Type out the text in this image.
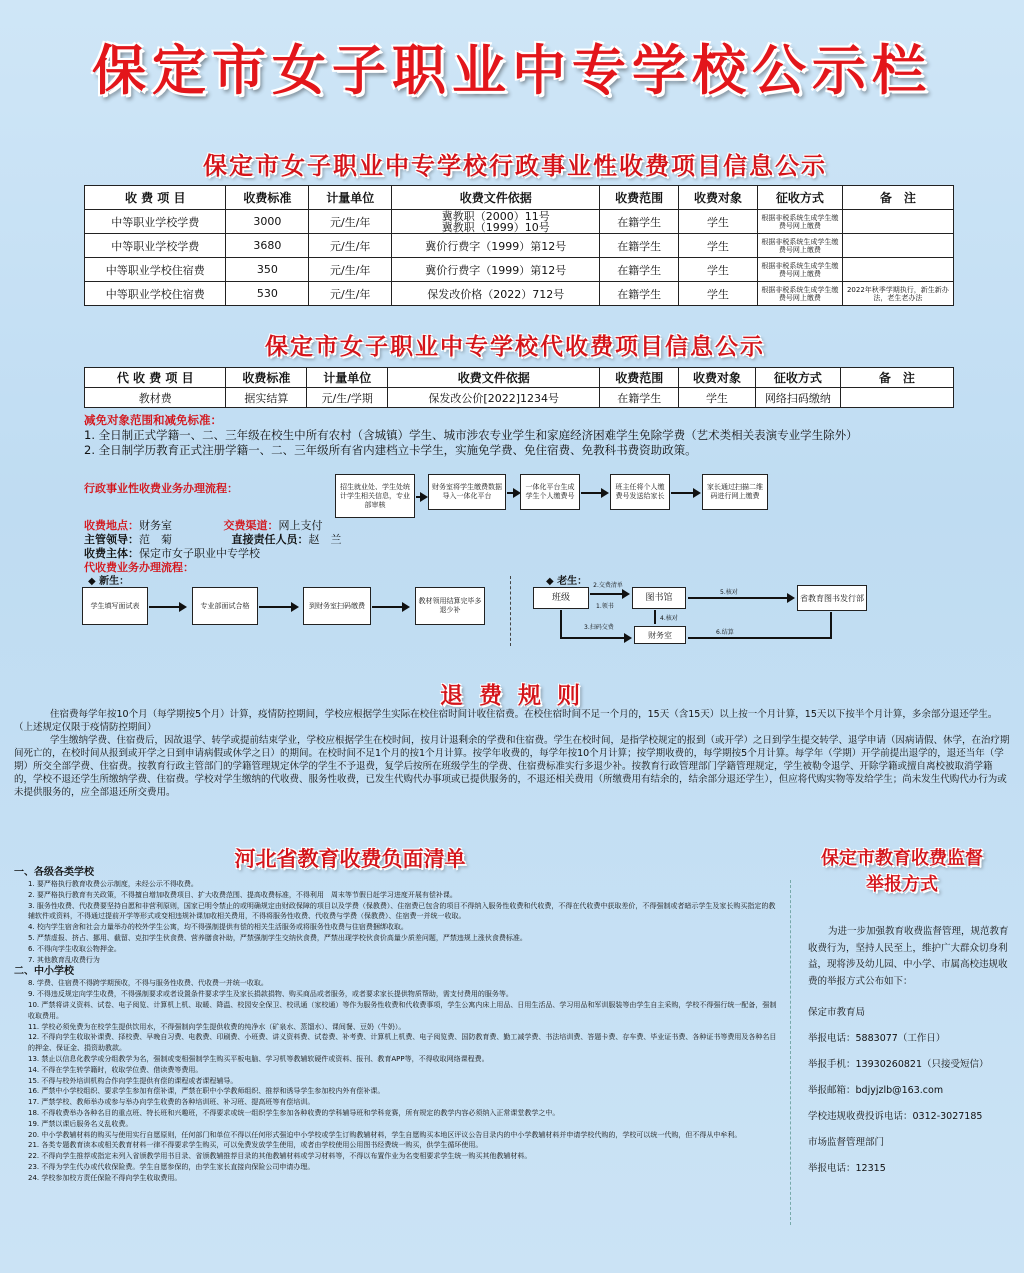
保定市女子职业中专学校公示栏
保定市女子职业中专学校行政事业性收费项目信息公示
收 费 项 目	收费标准	计量单位	收费文件依据	收费范围	收费对象	征收方式	备　注
中等职业学校学费	3000	元/生/年	冀教职（2000）11号
冀教职（1999）10号	在籍学生	学生	根据非税系统生成学生缴费号网上缴费	
中等职业学校学费	3680	元/生/年	冀价行费字（1999）第12号	在籍学生	学生	根据非税系统生成学生缴费号网上缴费	
中等职业学校住宿费	350	元/生/年	冀价行费字（1999）第12号	在籍学生	学生	根据非税系统生成学生缴费号网上缴费	
中等职业学校住宿费	530	元/生/年	保发改价格（2022）712号	在籍学生	学生	根据非税系统生成学生缴费号网上缴费	2022年秋季学期执行，新生新办法，老生老办法
保定市女子职业中专学校代收费项目信息公示
代 收 费 项 目	收费标准	计量单位	收费文件依据	收费范围	收费对象	征收方式	备　注
教材费	据实结算	元/生/学期	保发改公价[2022]1234号	在籍学生	学生	网络扫码缴纳	
减免对象范围和减免标准：
1. 全日制正式学籍一、二、三年级在校生中所有农村（含城镇）学生、城市涉农专业学生和家庭经济困难学生免除学费（艺术类相关表演专业学生除外）
2. 全日制学历教育正式注册学籍一、二、三年级所有省内建档立卡学生，实施免学费、免住宿费、免教科书费资助政策。
行政事业性收费业务办理流程：	招生就业处、学生处统计学生相关信息，专业部审核
财务室将学生缴费数据导入一体化平台
一体化平台生成学生个人缴费号
班主任将个人缴费号发送给家长
家长通过扫描二维码进行网上缴费
收费地点：财务室	交费渠道：网上支付
主管领导：范　菊	直接责任人员：赵　兰
收费主体：保定市女子职业中专学校
代收费业务办理流程：
◆ 新生：
学生填写面试表	专业部面试合格	到财务室扫码缴费
教材领用结算完毕多退少补
◆ 老生：
班级	图书馆	省教育图书发行部
财务室
2.交费清单
1.领书
5.核对
3.扫码交费
4.核对
6.结算
退 费 规 则

住宿费每学年按10个月（每学期按5个月）计算，疫情防控期间，学校应根据学生实际在校住宿时间计收住宿费。在校住宿时间不足一个月的，15天（含15天）以上按一个月计算，15天以下按半个月计算，多余部分退还学生。（上述规定仅限于疫情防控期间）

学生缴纳学费、住宿费后，因故退学、转学或提前结束学业，学校应根据学生在校时间，按月计退剩余的学费和住宿费。学生在校时间，是指学校规定的报到（或开学）之日到学生提交转学、退学申请（因病请假、休学，在治疗期间死亡的，在校时间从报到或开学之日到申请病假或休学之日）的期间。在校时间不足1个月的按1个月计算。按学年收费的，每学年按10个月计算；按学期收费的，每学期按5个月计算。每学年（学期）开学前提出退学的，退还当年（学期）所交全部学费、住宿费。按教育行政主管部门的学籍管理规定休学的学生不予退费，复学后按所在班级学生的学费、住宿费标准实行多退少补。按教育行政管理部门学籍管理规定，学生被勒令退学、开除学籍或擅自离校被取消学籍的，学校不退还学生所缴纳学费、住宿费。学校对学生缴纳的代收费、服务性收费，已发生代购代办事项或已提供服务的，不退还相关费用（所缴费用有结余的，结余部分退还学生），但应将代购实物等发给学生；尚未发生代购代办行为或未提供服务的，应全部退还所交费用。

河北省教育收费负面清单

一、各级各类学校

1. 要严格执行教育收费公示制度，未经公示不得收费。

2. 要严格执行教育有关政策，不得擅自增加收费项目、扩大收费范围、提高收费标准，不得利用　周末等节假日赶学习进度开展有偿补课。

3. 服务性收费、代收费要坚持自愿和非营利原则，国家已明令禁止的或明确规定由财政保障的项目以及学费（保教费）、住宿费已包含的项目不得纳入服务性收费和代收费，不得在代收费中获取差价，不得强制或者暗示学生及家长购买指定的教辅软件或资料，不得通过提前开学等形式或变相违规补课加收相关费用，不得将服务性收费、代收费与学费（保教费）、住宿费一并统一收取。

4. 校内学生宿舍和社会力量举办的校外学生公寓，均不得强制提供有偿的相关生活服务或将服务性收费与住宿费捆绑收取。

5. 严禁虚报、挤占、挪用、截留、克扣学生伙食费、营养膳食补助，严禁强制学生交纳伙食费，严禁出现学校伙食价高量少质差问题，严禁违规上涨伙食费标准。

6. 不得向学生收取公物押金。

7. 其他教育乱收费行为

二、中小学校

8. 学费、住宿费不得跨学期预收，不得与服务性收费、代收费一并统一收取。

9. 不得违反规定向学生收费，不得强制要求或者设置条件要求学生及家长捐款捐物、购买商品或者服务，或者要求家长提供物质帮助，需支付费用的服务等。

10. 严禁将讲义资料、试卷、电子阅览、计算机上机、取暖、降温、校园安全保卫、校讯通（家校通）等作为服务性收费和代收费事项，学生公寓内床上用品、日用生活品、学习用品和军训服装等由学生自主采购，学校不得强行统一配备，强制收取费用。

11. 学校必须免费为在校学生提供饮用水，不得强制向学生提供收费的纯净水（矿泉水、蒸馏水）、课间餐、豆奶（牛奶）。

12. 不得向学生收取补课费、择校费、早晚自习费、电教费、印刷费、小班费、讲义资料费、试卷费、补考费、计算机上机费、电子阅览费、国防教育费、勤工减学费、书法培训费、答题卡费、存车费、毕业证书费、各种证书等费用及各种名目的押金、保证金、捐资助教款。

13. 禁止以信息化教学或分组教学为名，强制或变相强制学生购买平板电脑、学习机等教辅软硬件或资料、报刊、教育APP等，不得收取网络课程费。

14. 不得在学生转学籍时，收取学位费、借读费等费用。

15. 不得与校外培训机构合作向学生提供有偿的课程或者课程辅导。

16. 严禁中小学校组织、要求学生参加有偿补课，严禁在职中小学教师组织、推荐和诱导学生参加校内外有偿补课。

17. 严禁学校、教师举办或参与举办向学生收费的各种培训班、补习班、提高班等有偿培训。

18. 不得收费举办各种名目的重点班、特长班和兴趣班，不得要求或统一组织学生参加各种收费的学科辅导班和学科竞赛，所有规定的教学内容必须纳入正常课堂教学之中。

19. 严禁以课后服务名义乱收费。

20. 中小学教辅材料的购买与使用实行自愿原则，任何部门和单位不得以任何形式强迫中小学校或学生订购教辅材料，学生自愿购买本地区评议公告目录内的中小学教辅材料并申请学校代购的，学校可以统一代购，但不得从中牟利。

21. 各类专题教育读本或相关教育材料一律不得要求学生购买，可以免费发放学生使用，或者由学校使用公用图书经费统一购买，供学生循环使用。

22. 不得向学生推荐或指定未列入省颁教学用书目录、省颁教辅推荐目录的其他教辅材料或学习材料等，不得以布置作业为名变相要求学生统一购买其他教辅材料。

23. 不得为学生代办或代收保险费。学生自愿参保的，由学生家长直接向保险公司申请办理。

24. 学校参加校方责任保险不得向学生收取费用。

保定市教育收费监督
举报方式

为进一步加强教育收费监督管理，规范教育收费行为，坚持人民至上，维护广大群众切身利益，现将涉及幼儿园、中小学、市属高校违规收费的举报方式公布如下：

保定市教育局

举报电话：5883077（工作日）

举报手机：13930260821（只接受短信）

举报邮箱：bdjyjzlb@163.com

学校违规收费投诉电话：0312-3027185

市场监督管理部门

举报电话：12315
